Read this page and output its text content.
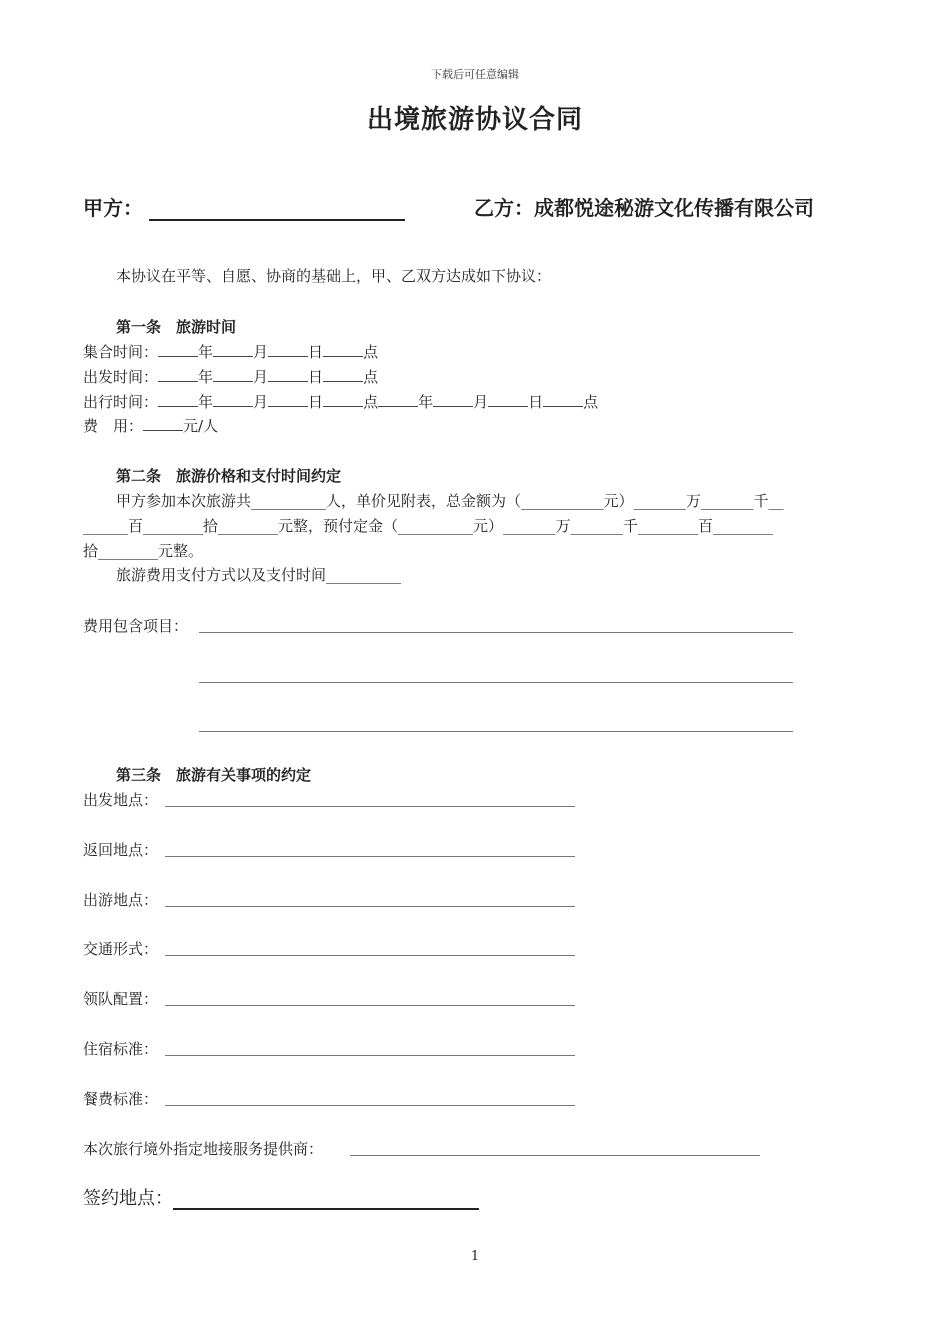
下载后可任意编辑
出境旅游协议合同
甲方：	乙方：成都悦途秘游文化传播有限公司
本协议在平等、自愿、协商的基础上，甲、乙双方达成如下协议：
第一条　旅游时间
集合时间：	年	月	日	点
出发时间：	年	月	日	点
出行时间：	年	月	日	点	年	月	日	点
费　用：	元/人
第二条　旅游价格和支付时间约定
甲方参加本次旅游共__________人，单价见附表，总金额为（___________元）_______万_______千__
______百________拾________元整，预付定金（__________元）_______万_______千________百________
拾________元整。
旅游费用支付方式以及支付时间__________
费用包含项目：
第三条　旅游有关事项的约定
出发地点：
返回地点：
出游地点：
交通形式：
领队配置：
住宿标准：
餐费标准：
本次旅行境外指定地接服务提供商：
签约地点：
1
